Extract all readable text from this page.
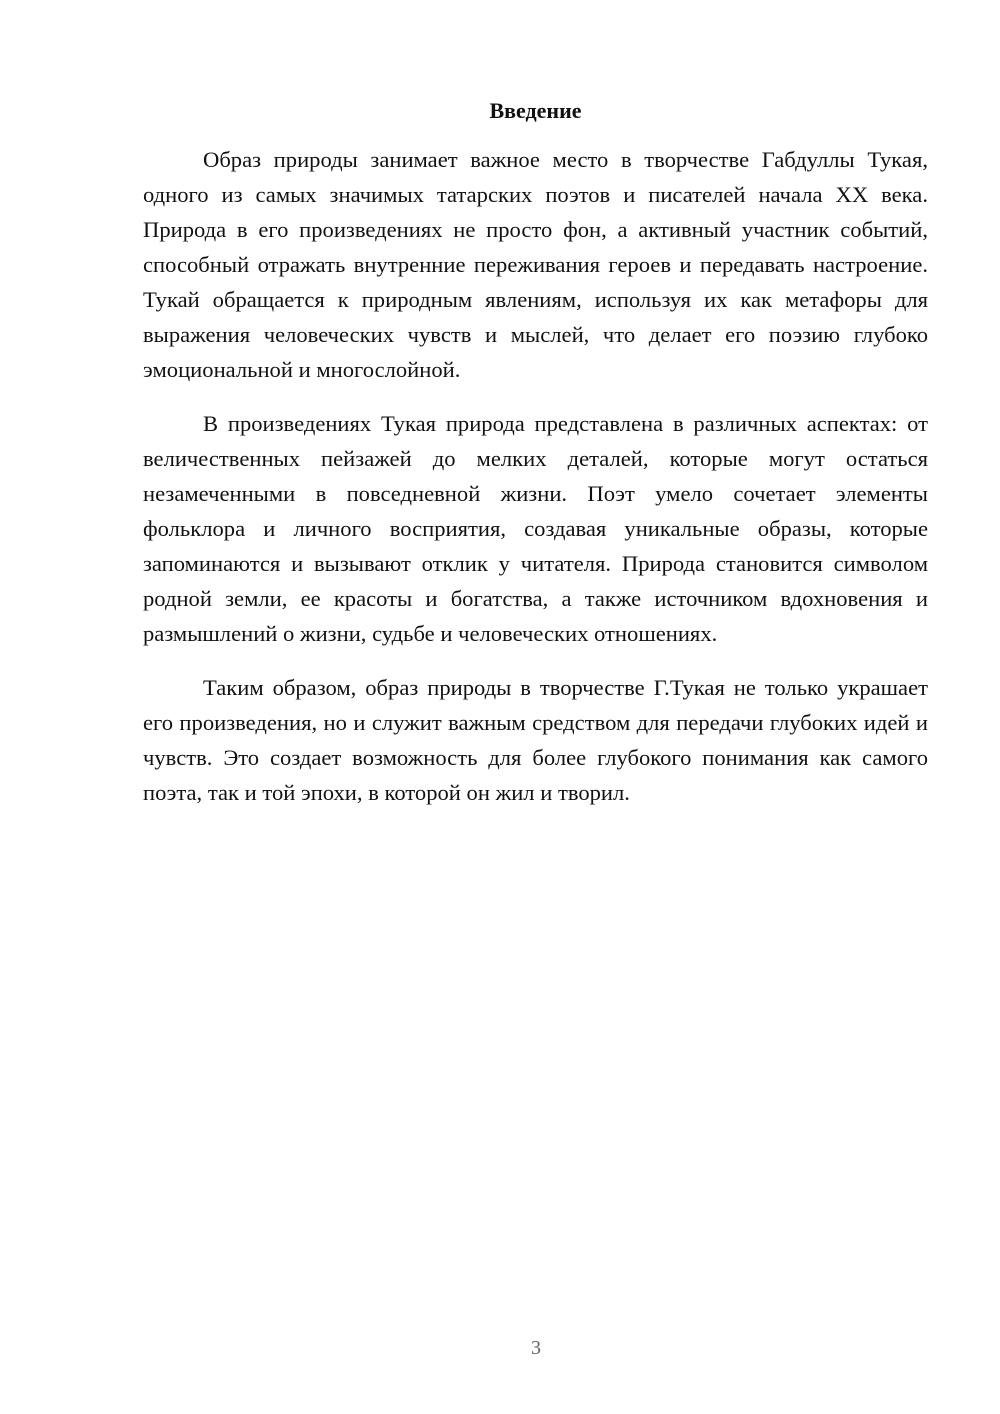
Введение

Образ природы занимает важное место в творчестве Габдуллы Тукая, одного из самых значимых татарских поэтов и писателей начала XX века. Природа в его произведениях не просто фон, а активный участник событий, способный отражать внутренние переживания героев и передавать настроение. Тукай обращается к природным явлениям, используя их как метафоры для выражения человеческих чувств и мыслей, что делает его поэзию глубоко эмоциональной и многослойной.

В произведениях Тукая природа представлена в различных аспектах: от величественных пейзажей до мелких деталей, которые могут остаться незамеченными в повседневной жизни. Поэт умело сочетает элементы фольклора и личного восприятия, создавая уникальные образы, которые запоминаются и вызывают отклик у читателя. Природа становится символом родной земли, ее красоты и богатства, а также источником вдохновения и размышлений о жизни, судьбе и человеческих отношениях.

Таким образом, образ природы в творчестве Г.Тукая не только украшает его произведения, но и служит важным средством для передачи глубоких идей и чувств. Это создает возможность для более глубокого понимания как самого поэта, так и той эпохи, в которой он жил и творил.

3
